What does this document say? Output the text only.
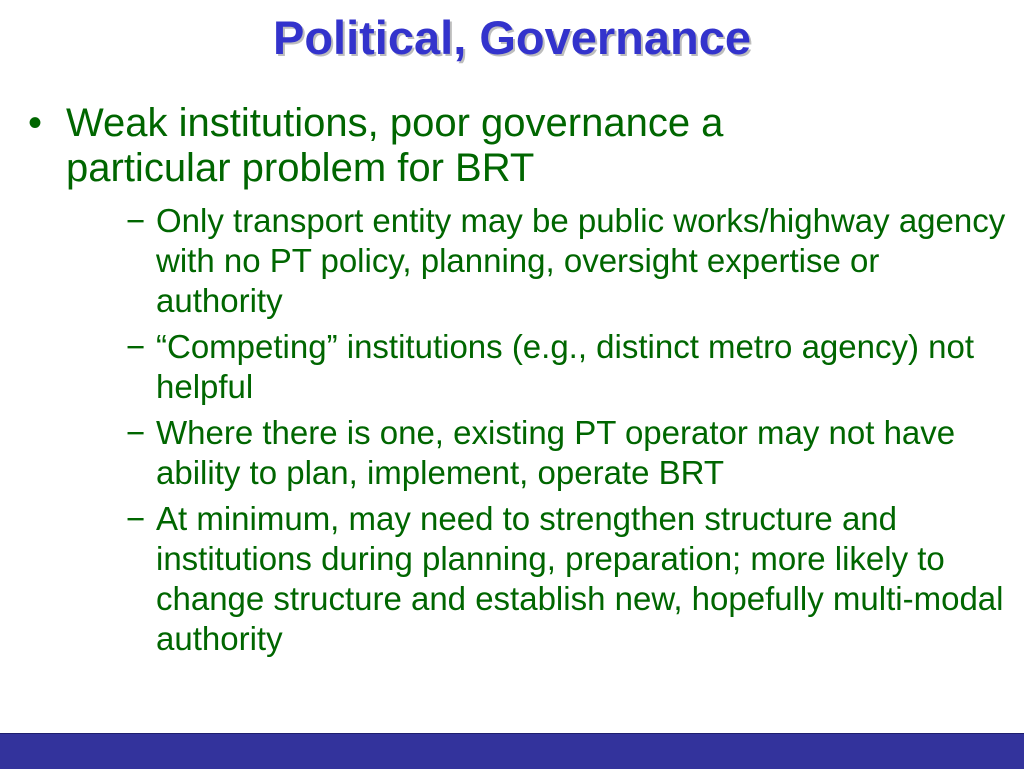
Political, Governance
• Weak institutions, poor governance a particular problem for BRT
− Only transport entity may be public works/highway agency with no PT policy, planning, oversight expertise or authority
− “Competing” institutions (e.g., distinct metro agency) not helpful
− Where there is one, existing PT operator may not have ability to plan, implement, operate BRT
− At minimum, may need to strengthen structure and institutions during planning, preparation; more likely to change structure and establish new, hopefully multi-modal authority
